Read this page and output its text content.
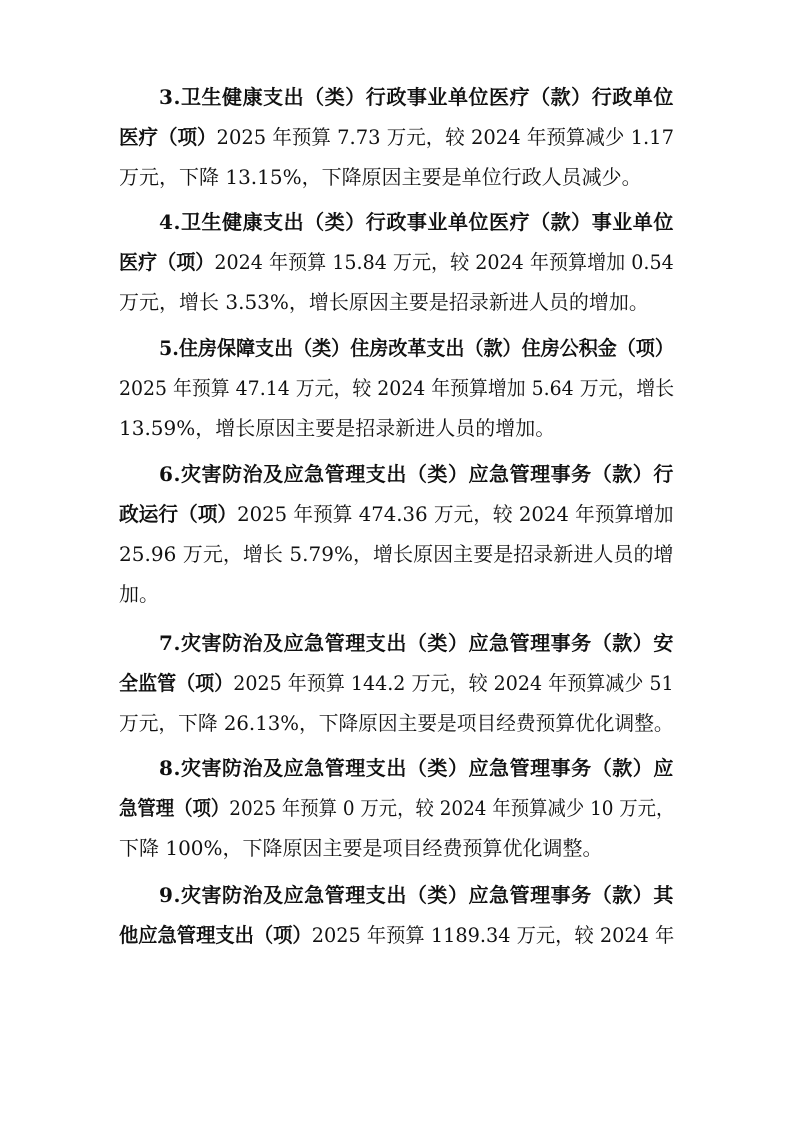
3.卫生健康支出（类）行政事业单位医疗（款）行政单位
医疗（项）2025 年预算 7.73 万元，较 2024 年预算减少 1.17
万元，下降 13.15%，下降原因主要是单位行政人员减少。
4.卫生健康支出（类）行政事业单位医疗（款）事业单位
医疗（项）2024 年预算 15.84 万元，较 2024 年预算增加 0.54
万元，增长 3.53%，增长原因主要是招录新进人员的增加。
5.住房保障支出（类）住房改革支出（款）住房公积金（项）
2025 年预算 47.14 万元，较 2024 年预算增加 5.64 万元，增长
13.59%，增长原因主要是招录新进人员的增加。
6.灾害防治及应急管理支出（类）应急管理事务（款）行
政运行（项）2025 年预算 474.36 万元，较 2024 年预算增加
25.96 万元，增长 5.79%，增长原因主要是招录新进人员的增
加。
7.灾害防治及应急管理支出（类）应急管理事务（款）安
全监管（项）2025 年预算 144.2 万元，较 2024 年预算减少 51
万元，下降 26.13%，下降原因主要是项目经费预算优化调整。
8.灾害防治及应急管理支出（类）应急管理事务（款）应
急管理（项）2025 年预算 0 万元，较 2024 年预算减少 10 万元，
下降 100%，下降原因主要是项目经费预算优化调整。
9.灾害防治及应急管理支出（类）应急管理事务（款）其
他应急管理支出（项）2025 年预算 1189.34 万元，较 2024 年
